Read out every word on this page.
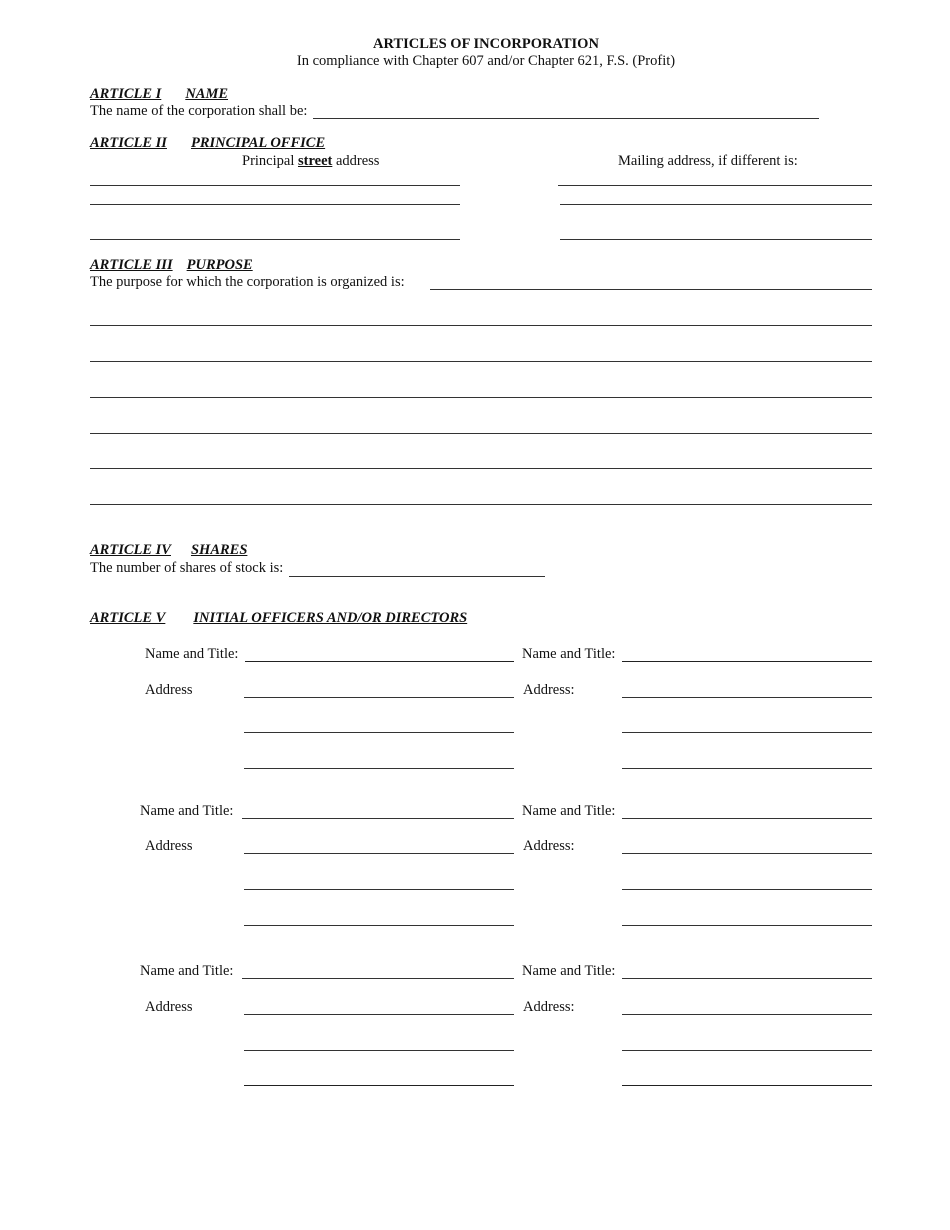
ARTICLES OF INCORPORATION
In compliance with Chapter 607 and/or Chapter 621, F.S. (Profit)
ARTICLE I NAME
The name of the corporation shall be:
ARTICLE II PRINCIPAL OFFICE
Principal street address	Mailing address, if different is:
ARTICLE III PURPOSE
The purpose for which the corporation is organized is:
ARTICLE IV SHARES
The number of shares of stock is:
ARTICLE V INITIAL OFFICERS AND/OR DIRECTORS
Name and Title:	Name and Title:
Address	Address:
Name and Title:	Name and Title:
Address	Address:
Name and Title:	Name and Title:
Address	Address:
